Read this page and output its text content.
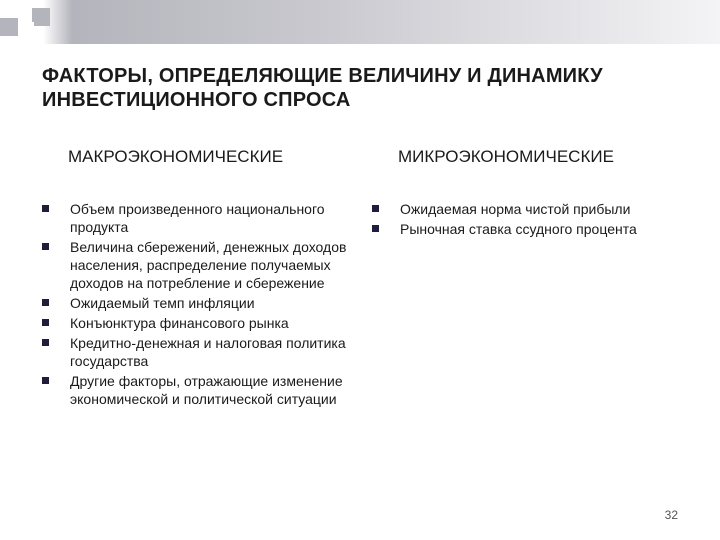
ФАКТОРЫ, ОПРЕДЕЛЯЮЩИЕ ВЕЛИЧИНУ И ДИНАМИКУ ИНВЕСТИЦИОННОГО СПРОСА
МАКРОЭКОНОМИЧЕСКИЕ	МИКРОЭКОНОМИЧЕСКИЕ
Объем произведенного национального продукта
Величина сбережений, денежных доходов населения, распределение получаемых доходов на потребление и сбережение
Ожидаемый темп инфляции
Конъюнктура финансового рынка
Кредитно-денежная и налоговая политика государства
Другие факторы, отражающие изменение экономической и политической ситуации
Ожидаемая норма чистой прибыли
Рыночная ставка ссудного процента
32
